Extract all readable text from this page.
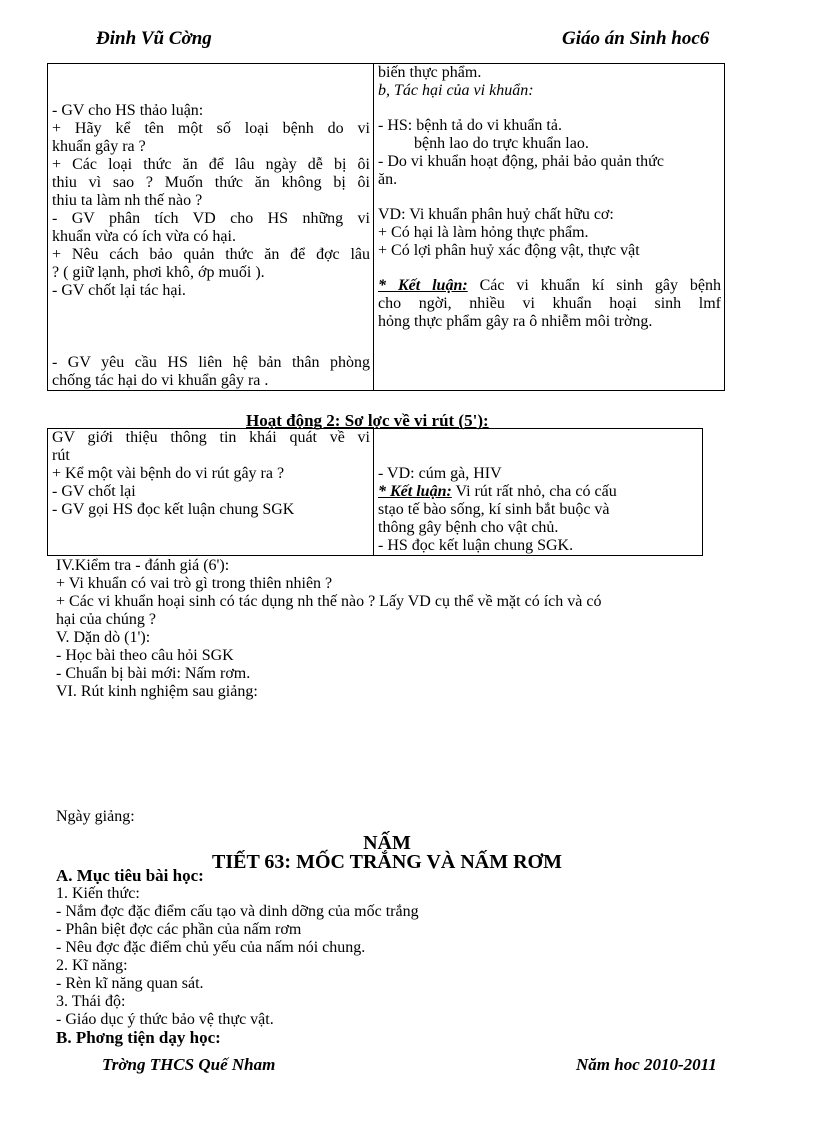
Đinh Vũ Cờng	Giáo án Sinh hoc6
- GV cho HS thảo luận:
+ Hãy kể tên một số loại bệnh do vi
khuẩn gây ra ?
+ Các loại thức ăn để lâu ngày dễ bị ôi
thiu vì sao ? Muốn thức ăn không bị ôi
thiu ta làm nh thế nào ?
- GV phân tích VD cho HS những vi
khuẩn vừa có ích vừa có hại.
+ Nêu cách bảo quản thức ăn để đợc lâu
? ( giữ lạnh, phơi khô, ớp muối ).
- GV chốt lại tác hại.
- GV yêu cầu HS liên hệ bản thân phòng
chống tác hại do vi khuẩn gây ra .

biến thực phẩm.
b, Tác hại của vi khuẩn:
- HS: bệnh tả do vi khuẩn tả.
bệnh lao do trực khuẩn lao.
- Do vi khuẩn hoạt động, phải bảo quản thức
ăn.
VD: Vi khuẩn phân huỷ chất hữu cơ:
+ Có hại là làm hỏng thực phẩm.
+ Có lợi phân huỷ xác động vật, thực vật
* Kết luận: Các vi khuẩn kí sinh gây bệnh
cho ngời, nhiều vi khuẩn hoại sinh lmf
hỏng thực phẩm gây ra ô nhiễm môi trờng.
Hoạt động 2: Sơ lợc về vi rút (5'):
GV giới thiệu thông tin khái quát về vi
rút
+ Kể một vài bệnh do vi rút gây ra ?
- GV chốt lại
- GV gọi HS đọc kết luận chung SGK

- VD: cúm gà, HIV
* Kết luận: Vi rút rất nhỏ, cha có cấu
stạo tế bào sống, kí sinh bắt buộc và
thông gây bệnh cho vật chủ.
- HS đọc kết luận chung SGK.
IV.Kiểm tra - đánh giá (6'):
+ Vi khuẩn có vai trò gì trong thiên nhiên ?
+ Các vi khuẩn hoại sinh có tác dụng nh thế nào ? Lấy VD cụ thể về mặt có ích và có
hại của chúng ?
V. Dặn dò (1'):
- Học bài theo câu hỏi SGK
- Chuẩn bị bài mới: Nấm rơm.
VI. Rút kinh nghiệm sau giảng:
Ngày giảng:
NẤM
TIẾT 63: MỐC TRẮNG VÀ NẤM RƠM
A. Mục tiêu bài học:
1. Kiến thức:
- Nắm đợc đặc điểm cấu tạo và dinh dỡng của mốc trắng
- Phân biệt đợc các phần của nấm rơm
- Nêu đợc đặc điểm chủ yếu của nấm nói chung.
2. Kĩ năng:
- Rèn kĩ năng quan sát.
3. Thái độ:
- Giáo dục ý thức bảo vệ thực vật.
B. Phơng tiện dạy học:
Trờng THCS Quế Nham	Năm hoc 2010-2011
